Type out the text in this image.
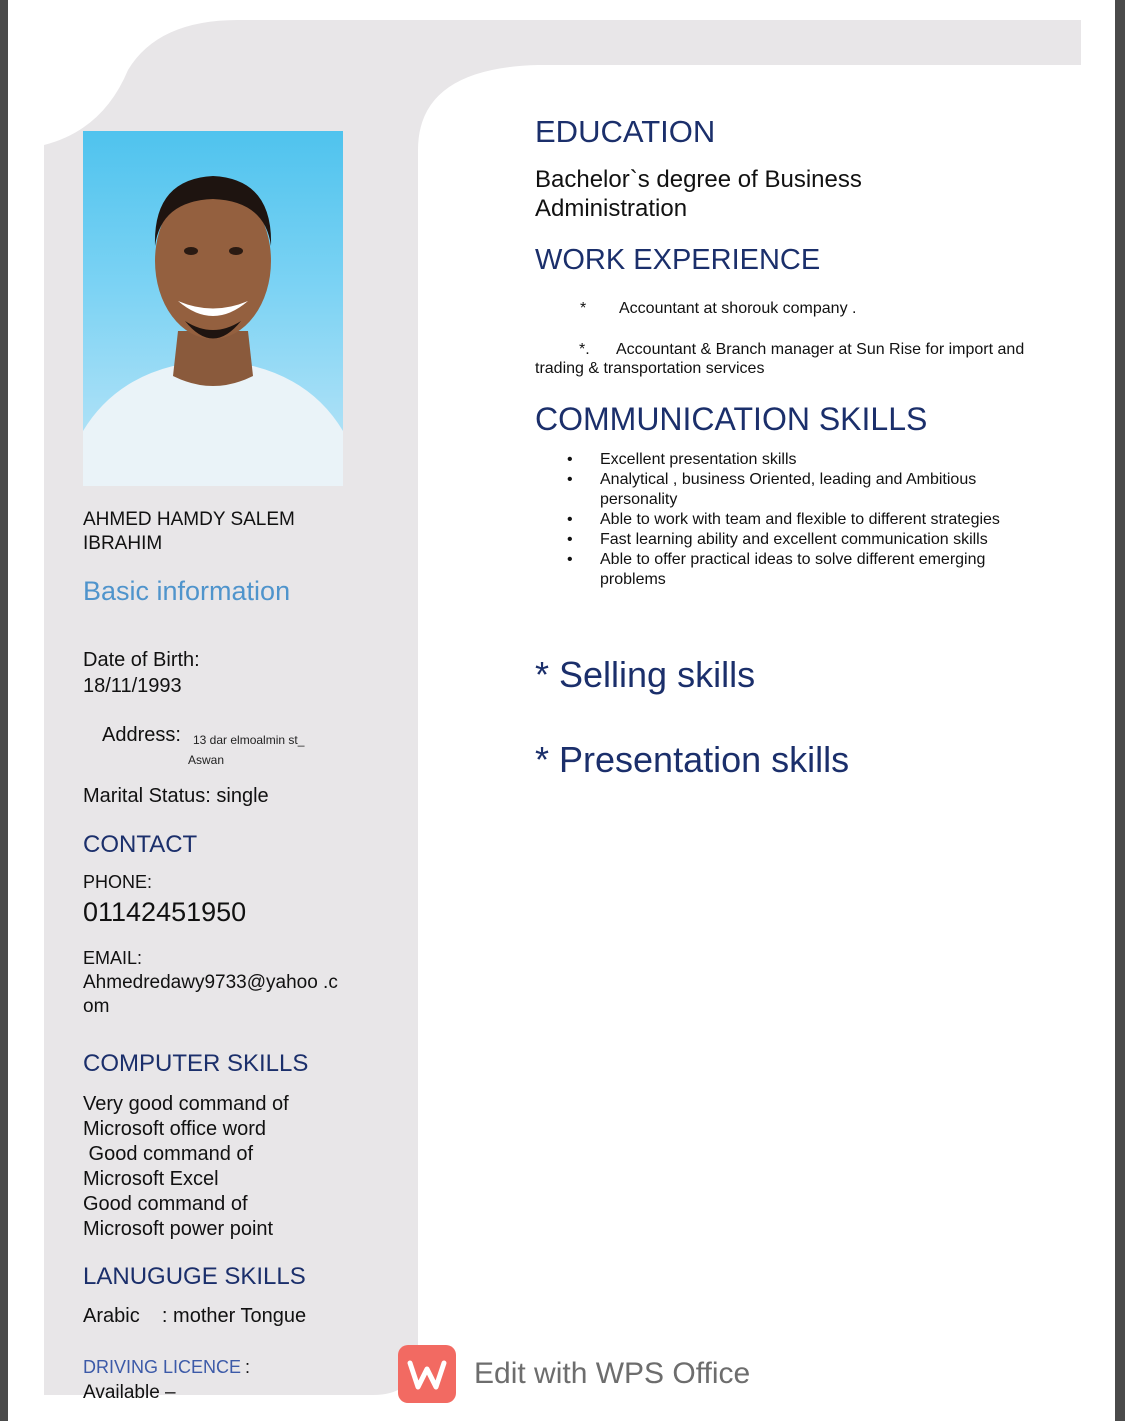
AHMED HAMDY SALEM IBRAHIM
Basic information
Date of Birth:
18/11/1993
Address: 13 dar elmoalmin st_
Aswan
Marital Status: single
CONTACT
PHONE:
01142451950
EMAIL:
Ahmedredawy9733@yahoo .com
COMPUTER SKILLS
Very good command of
Microsoft office word
Good command of
Microsoft Excel
Good command of
Microsoft power point
LANUGUGE SKILLS
Arabic    : mother Tongue
DRIVING LICENCE :
Available –
EDUCATION
Bachelor`s degree of Business Administration
WORK EXPERIENCE
* Accountant at shorouk company .
*. Accountant & Branch manager at Sun Rise for import and
trading & transportation services
COMMUNICATION SKILLS
• Excellent presentation skills
• Analytical , business Oriented, leading and Ambitious personality
• Able to work with team and flexible to different strategies
• Fast learning ability and excellent communication skills
• Able to offer practical ideas to solve different emerging problems
* Selling skills
* Presentation skills
Edit with WPS Office
